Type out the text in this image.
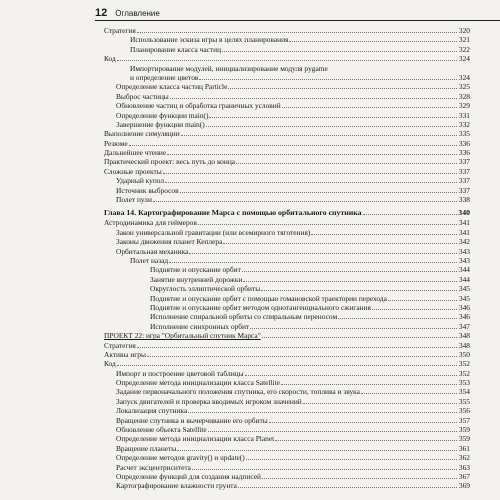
12 Оглавление
Стратегия	320
Использование эскиза игры в целях планирования	321
Планирование класса частиц	322
Код	324
Импортирование модулей, инициализирование модуля pygame
и определение цветов	324
Определение класса частиц Particle	325
Выброс частицы	328
Обновление частиц и обработка граничных условий	329
Определение функции main()	331
Завершение функции main()	332
Выполнение симуляции	335
Резюме	336
Дальнейшее чтение	336
Практический проект: весь путь до конца	337
Сложные проекты	337
Ударный купол	337
Источник выбросов	337
Полет пули	338
Глава 14. Картографирование Марса с помощью орбитального спутника	340
Астродинамика для геймеров	341
Закон универсальной гравитации (или всемирного тяготения)	341
Законы движения планет Кеплера	342
Орбитальная механика	343
Полет назад	343
Поднятие и опускание орбит	344
Занятие внутренней дорожки	344
Округлость эллиптической орбиты	345
Поднятие и опускание орбит с помощью гомановской траектории перехода	345
Поднятие и опускание орбит методом однотангенциального сжигания	346
Исполнение спиральной орбиты со спиральным переносом	346
Исполнение синхронных орбит	347
ПРОЕКТ 22: игра "Орбитальный спутник Марса"	348
Стратегия	348
Активы игры	350
Код	352
Импорт и построение цветовой таблицы	352
Определение метода инициализации класса Satellite	353
Задание первоначального положения спутника, его скорости, топлива и звука	354
Запуск двигателей и проверка вводимых игроком значений	355
Локализация спутника	356
Вращение спутника и вычерчивание его орбиты	357
Обновление объекта Satellite	359
Определение метода инициализации класса Planet	359
Вращение планеты	361
Определение методов gravity() и update()	362
Расчет эксцентриситета	363
Определение функций для создания надписей	367
Картографирование влажности грунта	369
